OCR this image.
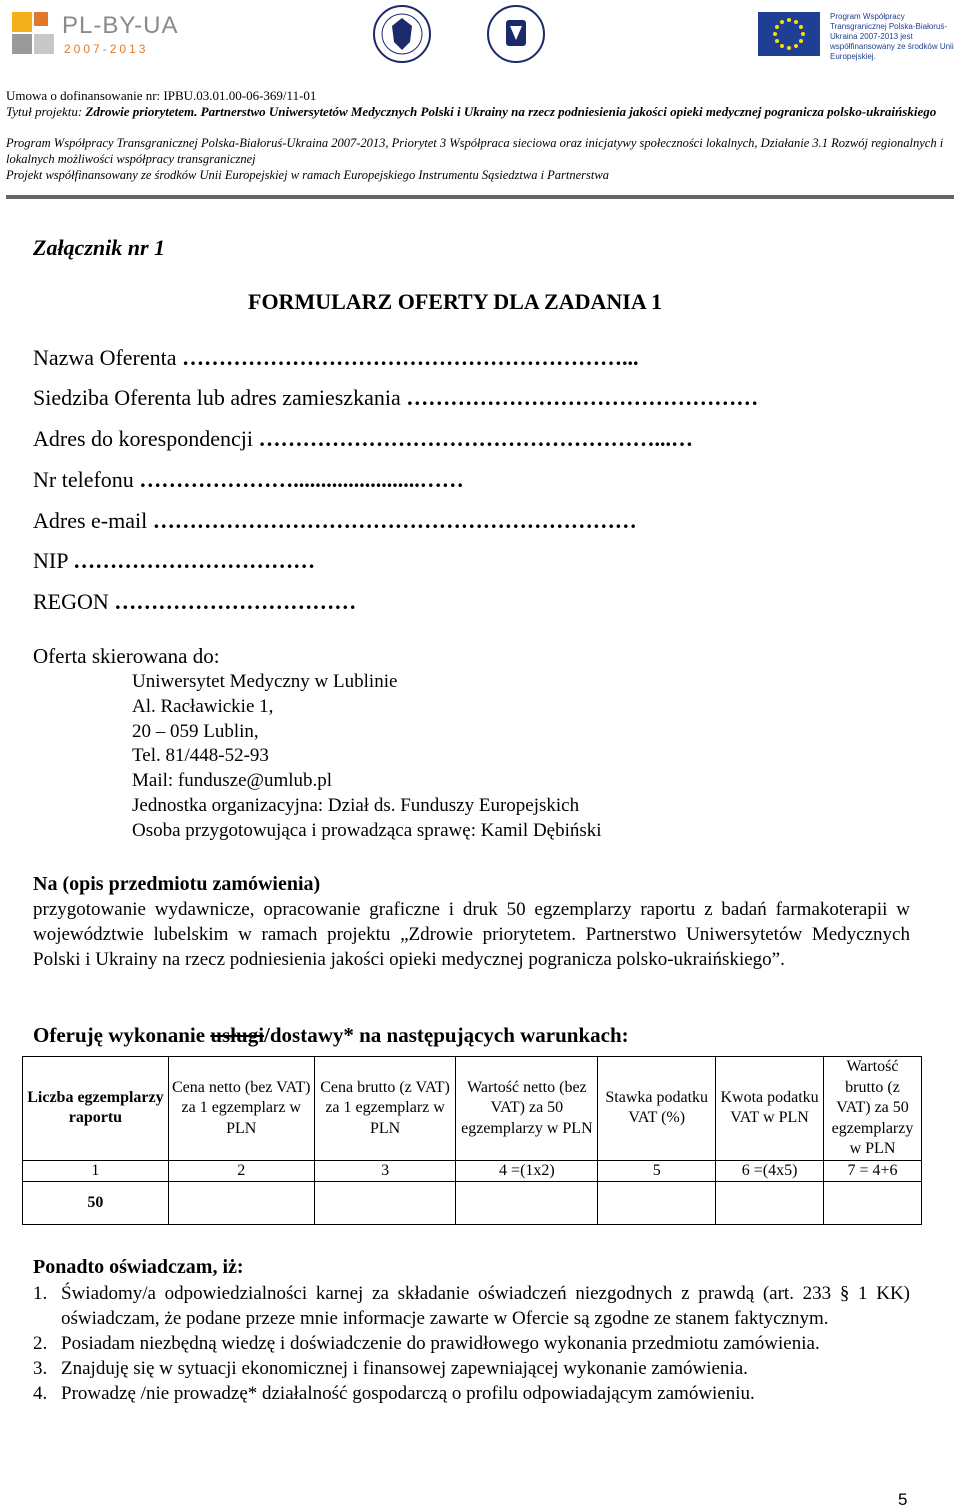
PL-BY-UA
2007-2013
Program Współpracy Transgranicznej Polska-Białoruś-Ukraina 2007-2013 jest współfinansowany ze środków Unii Europejskiej.
Umowa o dofinansowanie nr: IPBU.03.01.00-06-369/11-01
Tytuł projektu: Zdrowie priorytetem. Partnerstwo Uniwersytetów Medycznych Polski i Ukrainy na rzecz podniesienia jakości opieki medycznej pogranicza polsko-ukraińskiego
Program Współpracy Transgranicznej Polska-Białoruś-Ukraina 2007-2013, Priorytet 3 Współpraca sieciowa oraz inicjatywy społeczności lokalnych, Działanie 3.1 Rozwój regionalnych i lokalnych możliwości współpracy transgranicznej
Projekt współfinansowany ze środków Unii Europejskiej w ramach Europejskiego Instrumentu Sąsiedztwa i Partnerstwa
Załącznik nr 1
FORMULARZ OFERTY DLA ZADANIA 1
Nazwa Oferenta ……………………………………………………...
Siedziba Oferenta lub adres zamieszkania …………………………………………
Adres do korespondencji ………………………………………………...…
Nr telefonu ………………….......................……
Adres e-mail …………………………………………………………
NIP ……………………………
REGON ……………………………
Oferta skierowana do:
Uniwersytet Medyczny w Lublinie
Al. Racławickie 1,
20 – 059 Lublin,
Tel. 81/448-52-93
Mail: fundusze@umlub.pl
Jednostka organizacyjna: Dział ds. Funduszy Europejskich
Osoba przygotowująca i prowadząca sprawę: Kamil Dębiński
Na (opis przedmiotu zamówienia)
przygotowanie wydawnicze, opracowanie graficzne i druk 50 egzemplarzy raportu z badań farmakoterapii w województwie lubelskim w ramach projektu „Zdrowie priorytetem. Partnerstwo Uniwersytetów Medycznych Polski i Ukrainy na rzecz podniesienia jakości opieki medycznej pogranicza polsko-ukraińskiego”.
Oferuję wykonanie usługi/dostawy* na następujących warunkach:
Liczba egzemplarzy raportu	Cena netto (bez VAT) za 1 egzemplarz w PLN	Cena brutto (z VAT) za 1 egzemplarz w PLN	Wartość netto (bez VAT) za 50 egzemplarzy w PLN	Stawka podatku VAT (%)	Kwota podatku VAT w PLN	Wartość brutto (z VAT) za 50 egzemplarzy w PLN
1	2	3	4 =(1x2)	5	6 =(4x5)	7 = 4+6
50						
Ponadto oświadczam, iż:
1. Świadomy/a odpowiedzialności karnej za składanie oświadczeń niezgodnych z prawdą (art. 233 § 1 KK) oświadczam, że podane przeze mnie informacje zawarte w Ofercie są zgodne ze stanem faktycznym.
2. Posiadam niezbędną wiedzę i doświadczenie do prawidłowego wykonania przedmiotu zamówienia.
3. Znajduję się w sytuacji ekonomicznej i finansowej zapewniającej wykonanie zamówienia.
4. Prowadzę /nie prowadzę* działalność gospodarczą o profilu odpowiadającym zamówieniu.
5
